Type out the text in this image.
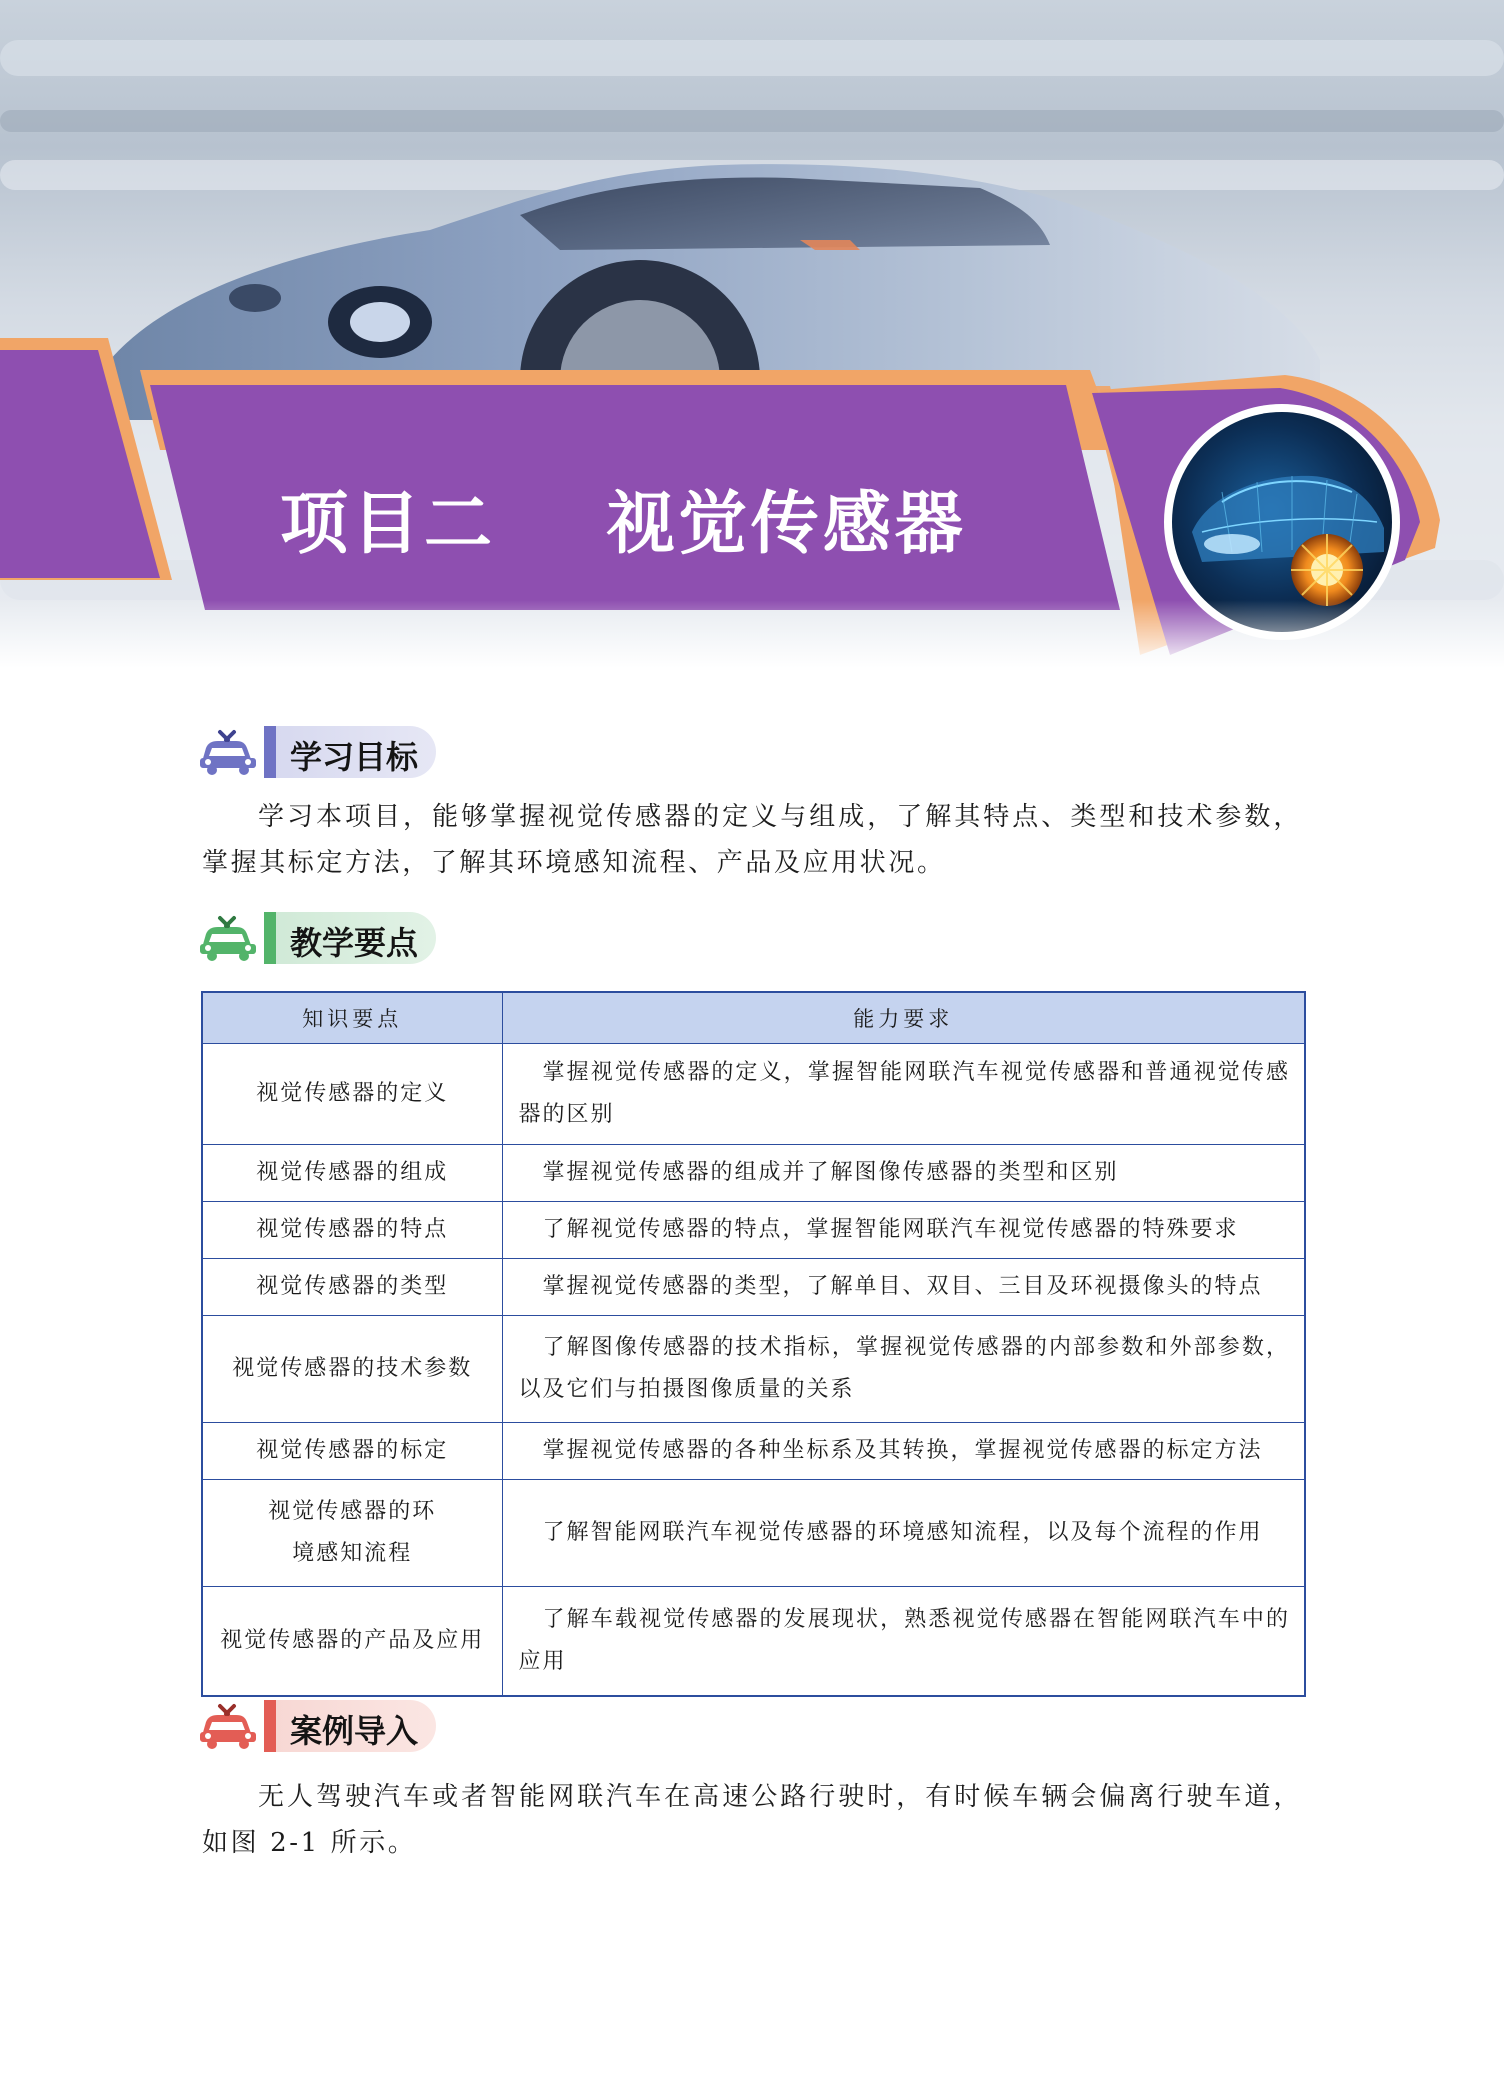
项目二 视觉传感器
学习目标

学习本项目，能够掌握视觉传感器的定义与组成，了解其特点、类型和技术参数，掌握其标定方法，了解其环境感知流程、产品及应用状况。

教学要点
知识要点	能力要求
视觉传感器的定义	掌握视觉传感器的定义，掌握智能网联汽车视觉传感器和普通视觉传感器的区别
视觉传感器的组成	掌握视觉传感器的组成并了解图像传感器的类型和区别
视觉传感器的特点	了解视觉传感器的特点，掌握智能网联汽车视觉传感器的特殊要求
视觉传感器的类型	掌握视觉传感器的类型，了解单目、双目、三目及环视摄像头的特点
视觉传感器的技术参数	了解图像传感器的技术指标，掌握视觉传感器的内部参数和外部参数，以及它们与拍摄图像质量的关系
视觉传感器的标定	掌握视觉传感器的各种坐标系及其转换，掌握视觉传感器的标定方法
视觉传感器的环境感知流程	了解智能网联汽车视觉传感器的环境感知流程，以及每个流程的作用
视觉传感器的产品及应用	了解车载视觉传感器的发展现状，熟悉视觉传感器在智能网联汽车中的应用
案例导入

无人驾驶汽车或者智能网联汽车在高速公路行驶时，有时候车辆会偏离行驶车道，如图 2-1 所示。
